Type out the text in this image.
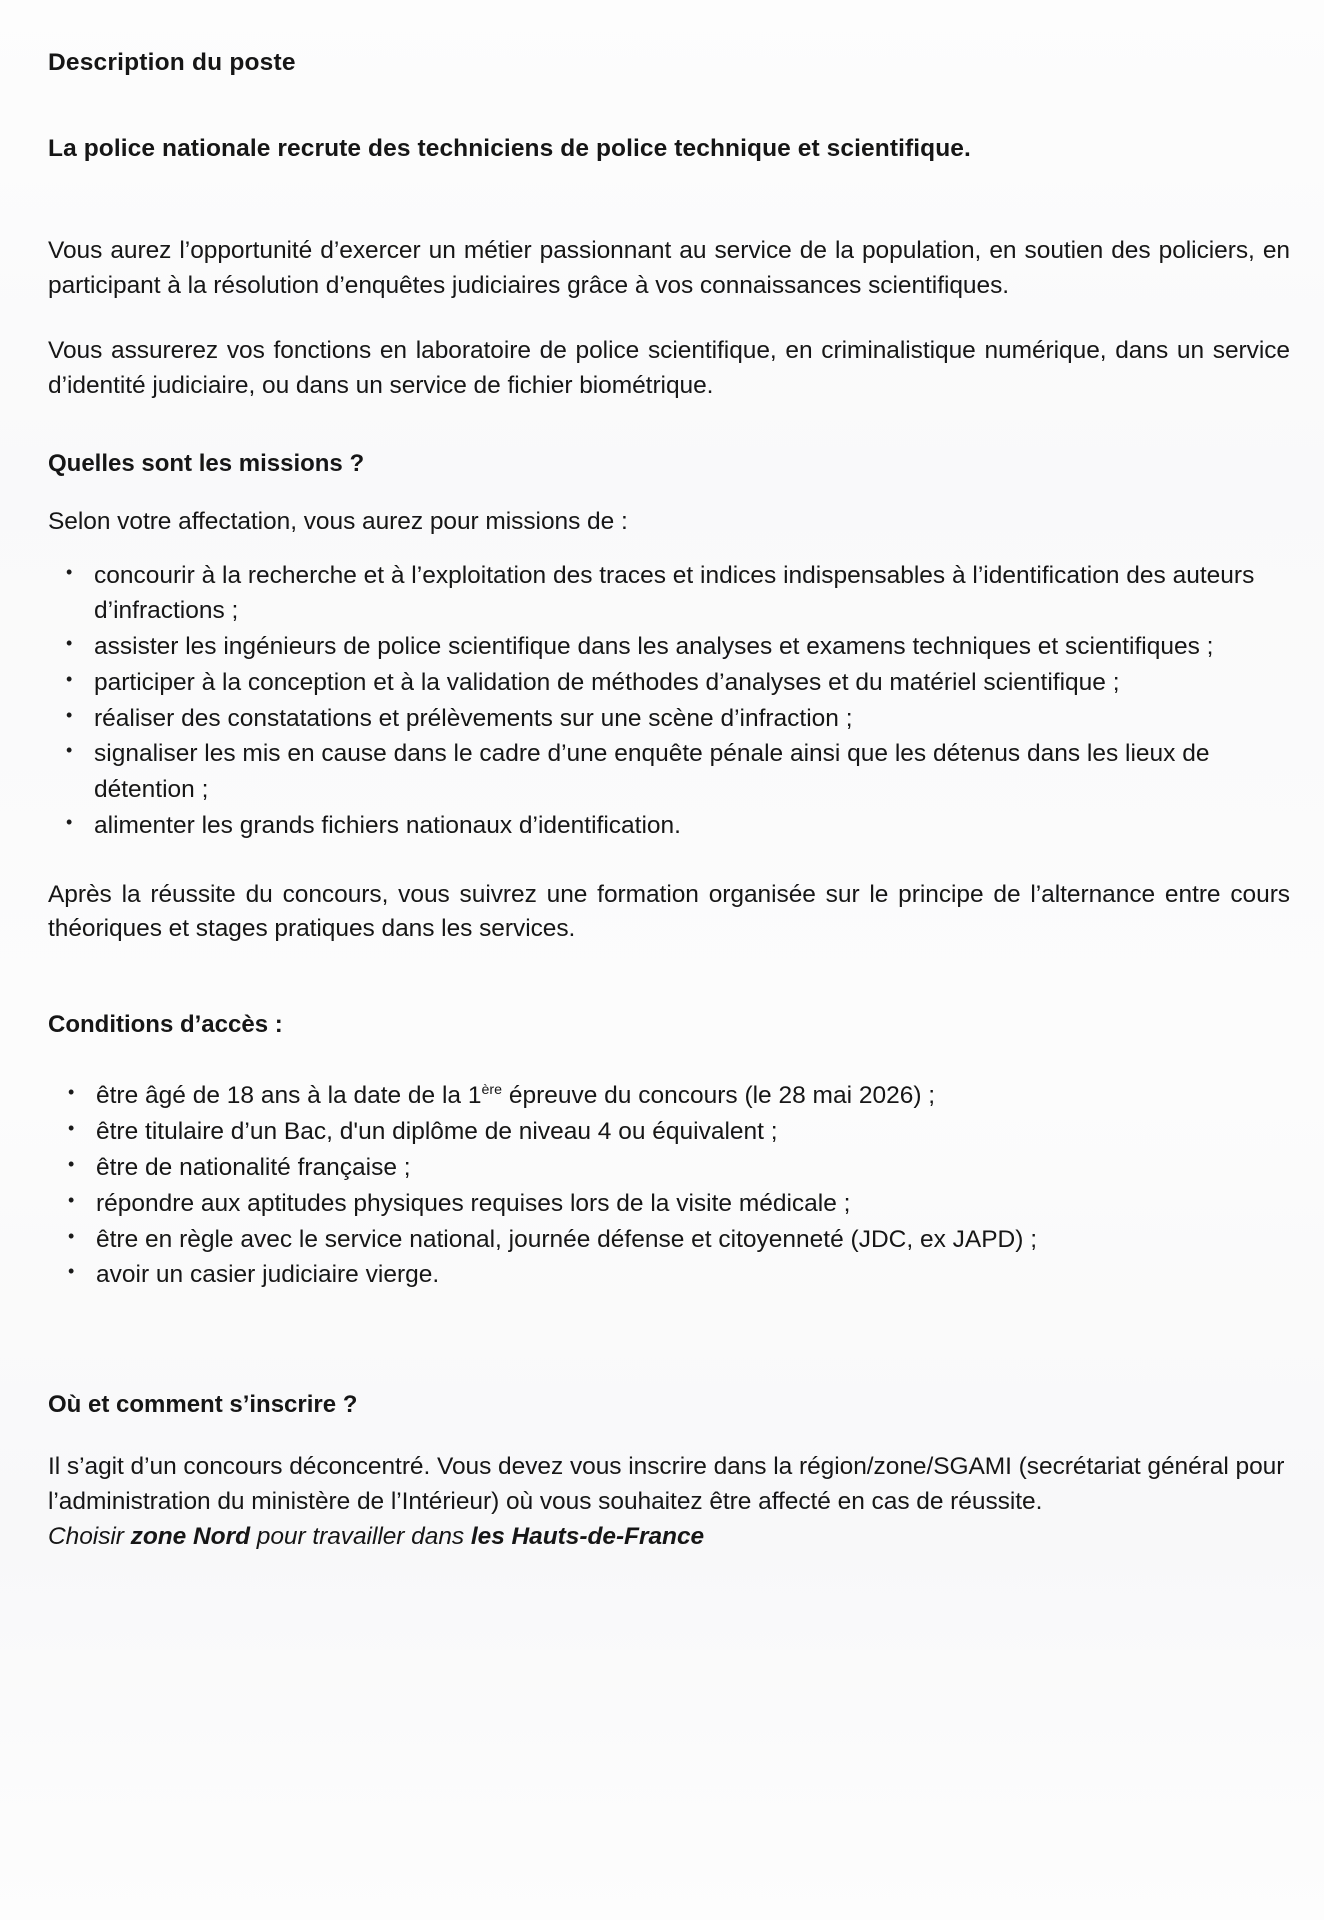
Description du poste
La police nationale recrute des techniciens de police technique et scientifique.

Vous aurez l’opportunité d’exercer un métier passionnant au service de la population, en soutien des policiers, en participant à la résolution d’enquêtes judiciaires grâce à vos connaissances scientifiques.

Vous assurerez vos fonctions en laboratoire de police scientifique, en criminalistique numérique, dans un service d’identité judiciaire, ou dans un service de fichier biométrique.

Quelles sont les missions ?

Selon votre affectation, vous aurez pour missions de :

• concourir à la recherche et à l’exploitation des traces et indices indispensables à l’identification des auteurs d’infractions ;
• assister les ingénieurs de police scientifique dans les analyses et examens techniques et scientifiques ;
• participer à la conception et à la validation de méthodes d’analyses et du matériel scientifique ;
• réaliser des constatations et prélèvements sur une scène d’infraction ;
• signaliser les mis en cause dans le cadre d’une enquête pénale ainsi que les détenus dans les lieux de détention ;
• alimenter les grands fichiers nationaux d’identification.

Après la réussite du concours, vous suivrez une formation organisée sur le principe de l’alternance entre cours théoriques et stages pratiques dans les services.

Conditions d’accès :
• être âgé de 18 ans à la date de la 1ère épreuve du concours (le 28 mai 2026) ;
• être titulaire d’un Bac, d'un diplôme de niveau 4 ou équivalent ;
• être de nationalité française ;
• répondre aux aptitudes physiques requises lors de la visite médicale ;
• être en règle avec le service national, journée défense et citoyenneté (JDC, ex JAPD) ;
• avoir un casier judiciaire vierge.
Où et comment s’inscrire ?

Il s’agit d’un concours déconcentré. Vous devez vous inscrire dans la région/zone/SGAMI (secrétariat général pour l’administration du ministère de l’Intérieur) où vous souhaitez être affecté en cas de réussite.

Choisir zone Nord pour travailler dans les Hauts-de-France
